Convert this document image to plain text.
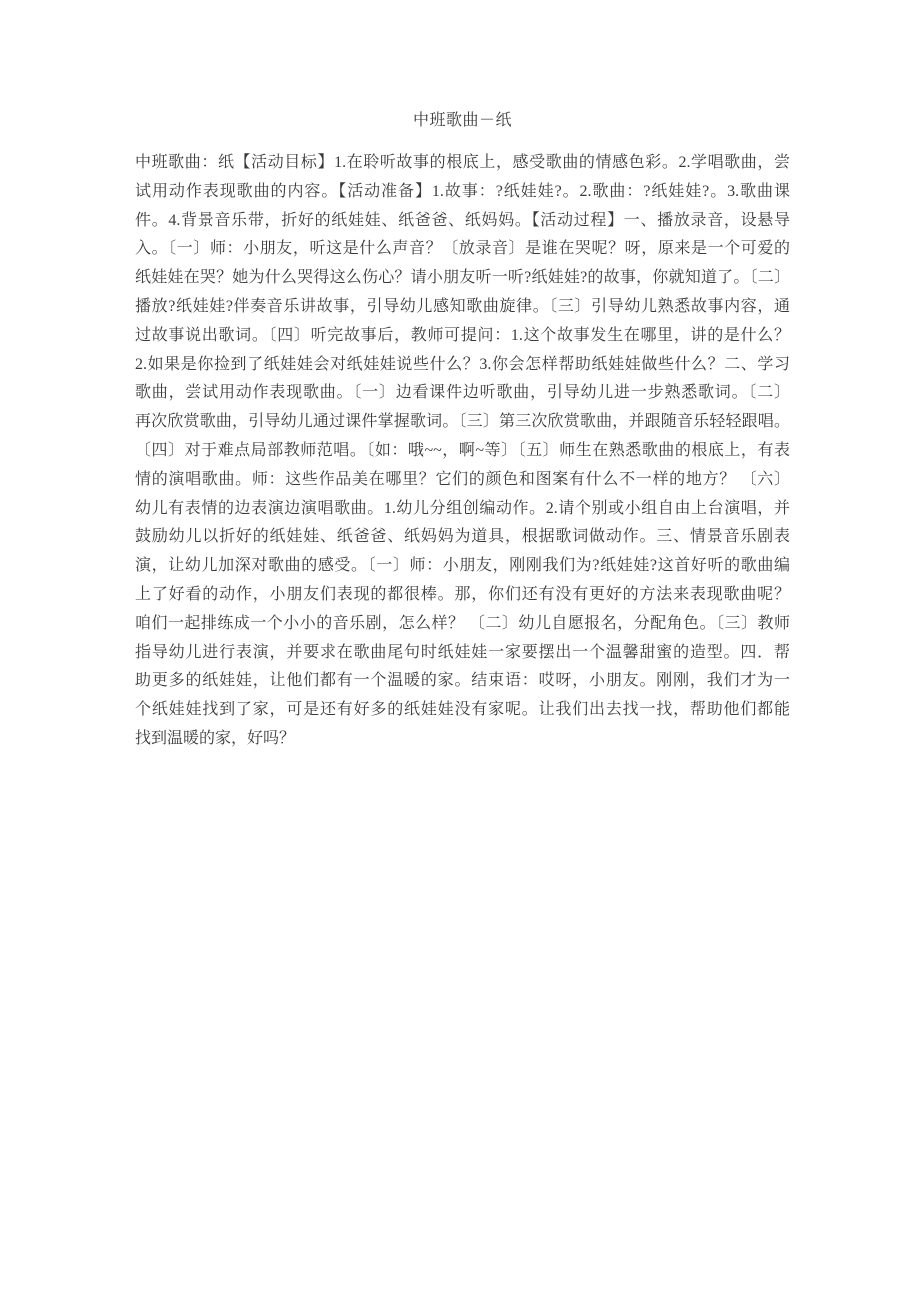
中班歌曲－纸
中班歌曲：纸【活动目标】1.在聆听故事的根底上，感受歌曲的情感色彩。2.学唱歌曲，尝
试用动作表现歌曲的内容。【活动准备】1.故事：?纸娃娃?。2.歌曲：?纸娃娃?。3.歌曲课
件。4.背景音乐带，折好的纸娃娃、纸爸爸、纸妈妈。【活动过程】一、播放录音，设悬导
入。〔一〕师：小朋友，听这是什么声音？〔放录音〕是谁在哭呢？呀，原来是一个可爱的
纸娃娃在哭？她为什么哭得这么伤心？请小朋友听一听?纸娃娃?的故事，你就知道了。〔二〕
播放?纸娃娃?伴奏音乐讲故事，引导幼儿感知歌曲旋律。〔三〕引导幼儿熟悉故事内容，通
过故事说出歌词。〔四〕听完故事后，教师可提问：1.这个故事发生在哪里，讲的是什么？
2.如果是你捡到了纸娃娃会对纸娃娃说些什么？3.你会怎样帮助纸娃娃做些什么？二、学习
歌曲，尝试用动作表现歌曲。〔一〕边看课件边听歌曲，引导幼儿进一步熟悉歌词。〔二〕
再次欣赏歌曲，引导幼儿通过课件掌握歌词。〔三〕第三次欣赏歌曲，并跟随音乐轻轻跟唱。
〔四〕对于难点局部教师范唱。〔如：哦~~，啊~等〕〔五〕师生在熟悉歌曲的根底上，有表
情的演唱歌曲。师：这些作品美在哪里？它们的颜色和图案有什么不一样的地方？ 〔六〕
幼儿有表情的边表演边演唱歌曲。1.幼儿分组创编动作。2.请个别或小组自由上台演唱，并
鼓励幼儿以折好的纸娃娃、纸爸爸、纸妈妈为道具，根据歌词做动作。三、情景音乐剧表
演，让幼儿加深对歌曲的感受。〔一〕师：小朋友，刚刚我们为?纸娃娃?这首好听的歌曲编
上了好看的动作，小朋友们表现的都很棒。那，你们还有没有更好的方法来表现歌曲呢？
咱们一起排练成一个小小的音乐剧，怎么样？ 〔二〕幼儿自愿报名，分配角色。〔三〕教师
指导幼儿进行表演，并要求在歌曲尾句时纸娃娃一家要摆出一个温馨甜蜜的造型。四．帮
助更多的纸娃娃，让他们都有一个温暖的家。结束语：哎呀，小朋友。刚刚，我们才为一
个纸娃娃找到了家，可是还有好多的纸娃娃没有家呢。让我们出去找一找，帮助他们都能
找到温暖的家，好吗？
